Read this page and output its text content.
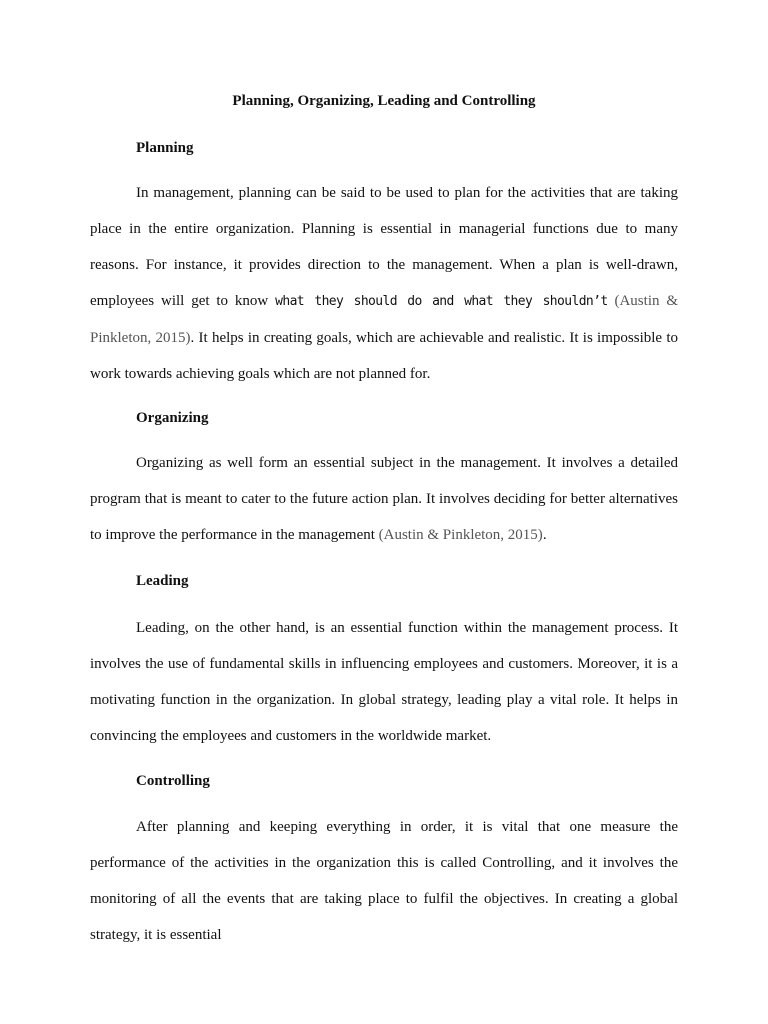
Planning, Organizing, Leading and Controlling
Planning

In management, planning can be said to be used to plan for the activities that are taking place in the entire organization. Planning is essential in managerial functions due to many reasons. For instance, it provides direction to the management. When a plan is well-drawn, employees will get to know what they should do and what they shouldn’t (Austin & Pinkleton, 2015). It helps in creating goals, which are achievable and realistic. It is impossible to work towards achieving goals which are not planned for.

Organizing

Organizing as well form an essential subject in the management. It involves a detailed program that is meant to cater to the future action plan. It involves deciding for better alternatives to improve the performance in the management (Austin & Pinkleton, 2015).

Leading

Leading, on the other hand, is an essential function within the management process. It involves the use of fundamental skills in influencing employees and customers. Moreover, it is a motivating function in the organization. In global strategy, leading play a vital role. It helps in convincing the employees and customers in the worldwide market.

Controlling

After planning and keeping everything in order, it is vital that one measure the performance of the activities in the organization this is called Controlling, and it involves the monitoring of all the events that are taking place to fulfil the objectives. In creating a global strategy, it is essential
